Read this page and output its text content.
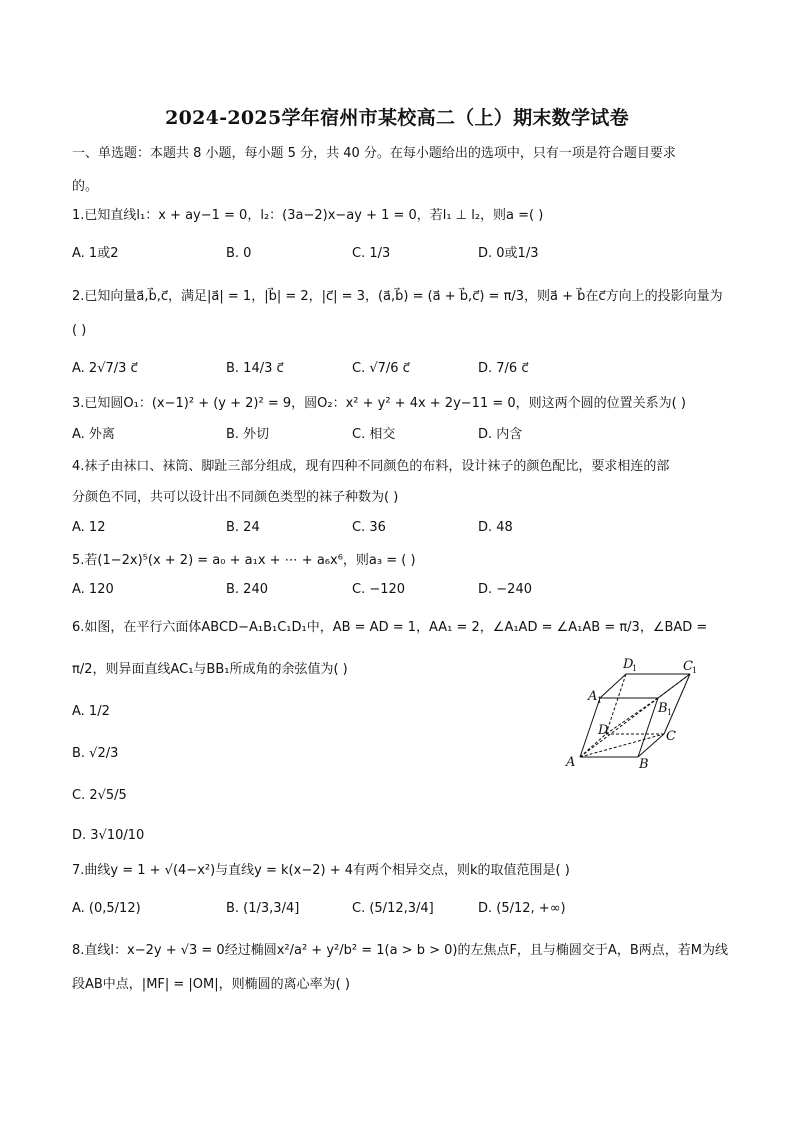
2024-2025学年宿州市某校高二（上）期末数学试卷
一、单选题：本题共 8 小题，每小题 5 分，共 40 分。在每小题给出的选项中，只有一项是符合题目要求
的。
1.已知直线l₁：x + ay−1 = 0，l₂：(3a−2)x−ay + 1 = 0，若l₁ ⊥ l₂，则a =( )
A. 1或2	B. 0	C. 1/3	D. 0或1/3
2.已知向量a⃗,b⃗,c⃗，满足|a⃗| = 1，|b⃗| = 2，|c⃗| = 3，(a⃗,b⃗) = (a⃗ + b⃗,c⃗) = π/3，则a⃗ + b⃗在c⃗方向上的投影向量为
( )
A. 2√7/3 c⃗	B. 14/3 c⃗	C. √7/6 c⃗	D. 7/6 c⃗
3.已知圆O₁：(x−1)² + (y + 2)² = 9，圆O₂：x² + y² + 4x + 2y−11 = 0，则这两个圆的位置关系为( )
A. 外离	B. 外切	C. 相交	D. 内含
4.袜子由袜口、袜筒、脚趾三部分组成，现有四种不同颜色的布料，设计袜子的颜色配比，要求相连的部
分颜色不同，共可以设计出不同颜色类型的袜子种数为( )
A. 12	B. 24	C. 36	D. 48
5.若(1−2x)⁵(x + 2) = a₀ + a₁x + ⋯ + a₆x⁶，则a₃ = ( )
A. 120	B. 240	C. −120	D. −240
6.如图，在平行六面体ABCD−A₁B₁C₁D₁中，AB = AD = 1，AA₁ = 2，∠A₁AD = ∠A₁AB = π/3，∠BAD =
π/2，则异面直线AC₁与BB₁所成角的余弦值为( )
A. 1/2
B. √2/3
C. 2√5/5
D. 3√10/10
A	B
C
D
A 1
B 1
C 1
D
1
7.曲线y = 1 + √(4−x²)与直线y = k(x−2) + 4有两个相异交点，则k的取值范围是( )
A. (0,5/12)	B. (1/3,3/4]	C. (5/12,3/4]	D. (5/12, +∞)
8.直线l：x−2y + √3 = 0经过椭圆x²/a² + y²/b² = 1(a > b > 0)的左焦点F，且与椭圆交于A，B两点，若M为线
段AB中点，|MF| = |OM|，则椭圆的离心率为( )
